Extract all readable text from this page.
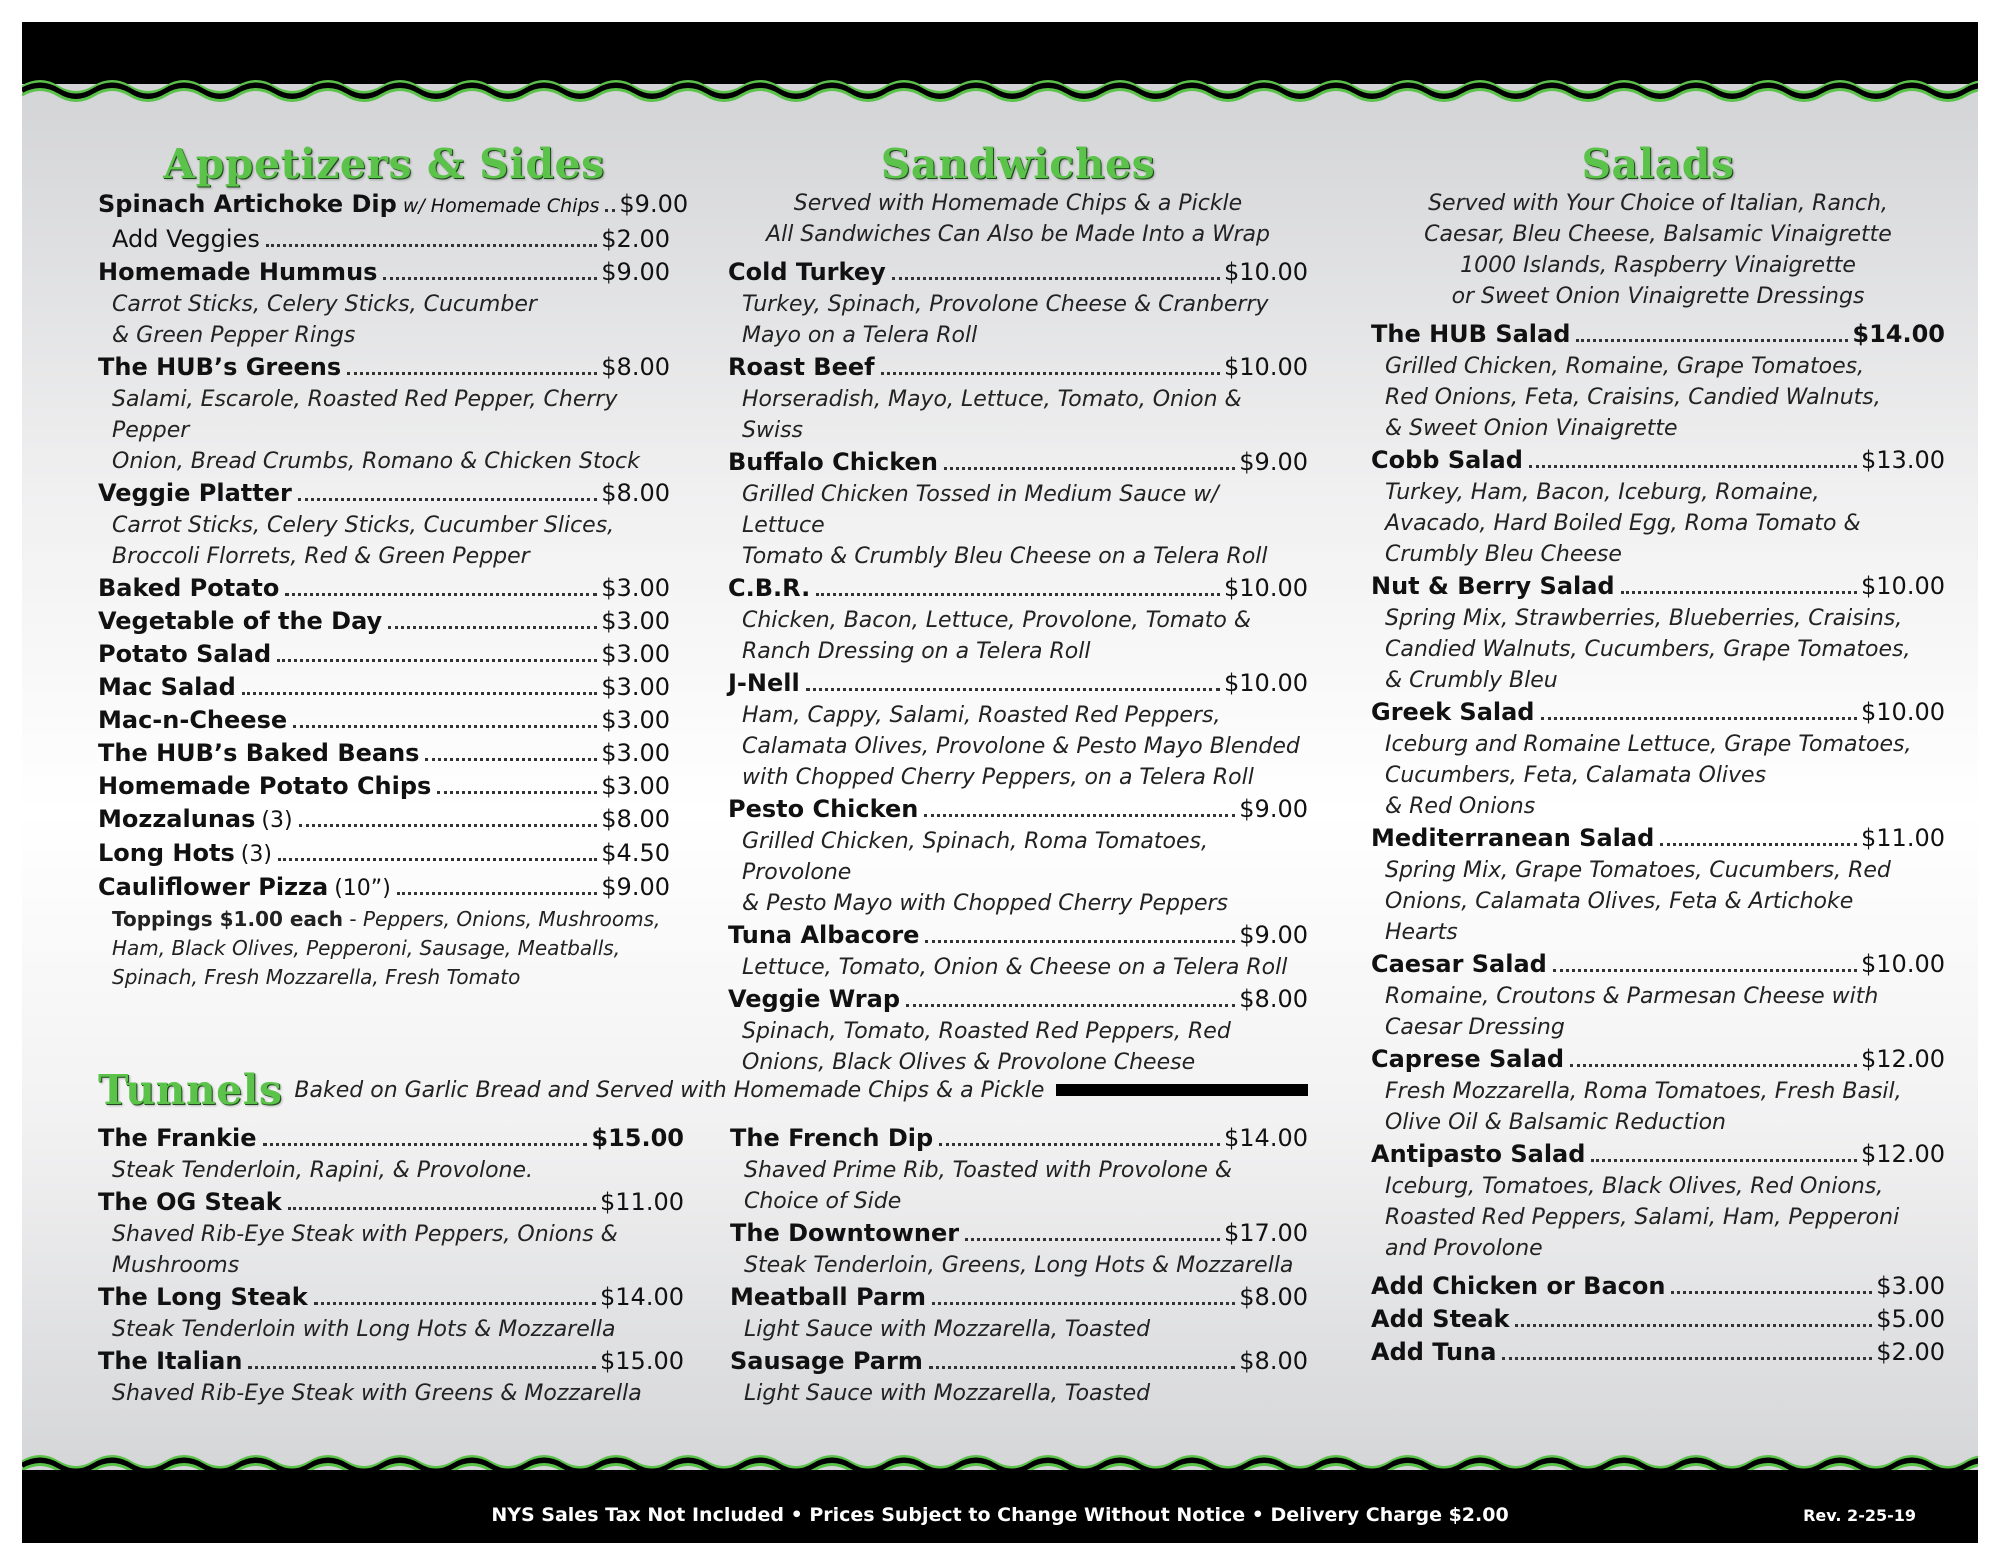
Appetizers & Sides
Spinach Artichoke Dip w/ Homemade Chips $9.00
Add Veggies	$2.00
Homemade Hummus	$9.00
Carrot Sticks, Celery Sticks, Cucumber
& Green Pepper Rings
The HUB’s Greens	$8.00
Salami, Escarole, Roasted Red Pepper, Cherry Pepper
Onion, Bread Crumbs, Romano & Chicken Stock
Veggie Platter	$8.00
Carrot Sticks, Celery Sticks, Cucumber Slices,
Broccoli Florrets, Red & Green Pepper
Baked Potato	$3.00
Vegetable of the Day	$3.00
Potato Salad	$3.00
Mac Salad	$3.00
Mac-n-Cheese	$3.00
The HUB’s Baked Beans	$3.00
Homemade Potato Chips	$3.00
Mozzalunas (3)	$8.00
Long Hots (3)	$4.50
Cauliflower Pizza (10”)	$9.00
Toppings $1.00 each - Peppers, Onions, Mushrooms,
Ham, Black Olives, Pepperoni, Sausage, Meatballs,
Spinach, Fresh Mozzarella, Fresh Tomato
Sandwiches
Served with Homemade Chips & a Pickle
All Sandwiches Can Also be Made Into a Wrap
Cold Turkey	$10.00
Turkey, Spinach, Provolone Cheese & Cranberry
Mayo on a Telera Roll
Roast Beef	$10.00
Horseradish, Mayo, Lettuce, Tomato, Onion & Swiss
Buffalo Chicken	$9.00
Grilled Chicken Tossed in Medium Sauce w/ Lettuce
Tomato & Crumbly Bleu Cheese on a Telera Roll
C.B.R.	$10.00
Chicken, Bacon, Lettuce, Provolone, Tomato &
Ranch Dressing on a Telera Roll
J-Nell	$10.00
Ham, Cappy, Salami, Roasted Red Peppers,
Calamata Olives, Provolone & Pesto Mayo Blended
with Chopped Cherry Peppers, on a Telera Roll
Pesto Chicken	$9.00
Grilled Chicken, Spinach, Roma Tomatoes, Provolone
& Pesto Mayo with Chopped Cherry Peppers
Tuna Albacore	$9.00
Lettuce, Tomato, Onion & Cheese on a Telera Roll
Veggie Wrap	$8.00
Spinach, Tomato, Roasted Red Peppers, Red
Onions, Black Olives & Provolone Cheese
Salads
Served with Your Choice of Italian, Ranch,
Caesar, Bleu Cheese, Balsamic Vinaigrette
1000 Islands, Raspberry Vinaigrette
or Sweet Onion Vinaigrette Dressings
The HUB Salad	$14.00
Grilled Chicken, Romaine, Grape Tomatoes,
Red Onions, Feta, Craisins, Candied Walnuts,
& Sweet Onion Vinaigrette
Cobb Salad	$13.00
Turkey, Ham, Bacon, Iceburg, Romaine,
Avacado, Hard Boiled Egg, Roma Tomato &
Crumbly Bleu Cheese
Nut & Berry Salad	$10.00
Spring Mix, Strawberries, Blueberries, Craisins,
Candied Walnuts, Cucumbers, Grape Tomatoes,
& Crumbly Bleu
Greek Salad	$10.00
Iceburg and Romaine Lettuce, Grape Tomatoes,
Cucumbers, Feta, Calamata Olives
& Red Onions
Mediterranean Salad	$11.00
Spring Mix, Grape Tomatoes, Cucumbers, Red
Onions, Calamata Olives, Feta & Artichoke
Hearts
Caesar Salad	$10.00
Romaine, Croutons & Parmesan Cheese with
Caesar Dressing
Caprese Salad	$12.00
Fresh Mozzarella, Roma Tomatoes, Fresh Basil,
Olive Oil & Balsamic Reduction
Antipasto Salad	$12.00
Iceburg, Tomatoes, Black Olives, Red Onions,
Roasted Red Peppers, Salami, Ham, Pepperoni
and Provolone
Add Chicken or Bacon	$3.00
Add Steak	$5.00
Add Tuna	$2.00
Tunnels Baked on Garlic Bread and Served with Homemade Chips & a Pickle
The Frankie	$15.00
Steak Tenderloin, Rapini, & Provolone.
The OG Steak	$11.00
Shaved Rib-Eye Steak with Peppers, Onions &
Mushrooms
The Long Steak	$14.00
Steak Tenderloin with Long Hots & Mozzarella
The Italian	$15.00
Shaved Rib-Eye Steak with Greens & Mozzarella
The French Dip	$14.00
Shaved Prime Rib, Toasted with Provolone &
Choice of Side
The Downtowner	$17.00
Steak Tenderloin, Greens, Long Hots & Mozzarella
Meatball Parm	$8.00
Light Sauce with Mozzarella, Toasted
Sausage Parm	$8.00
Light Sauce with Mozzarella, Toasted
NYS Sales Tax Not Included • Prices Subject to Change Without Notice • Delivery Charge $2.00	Rev. 2-25-19
